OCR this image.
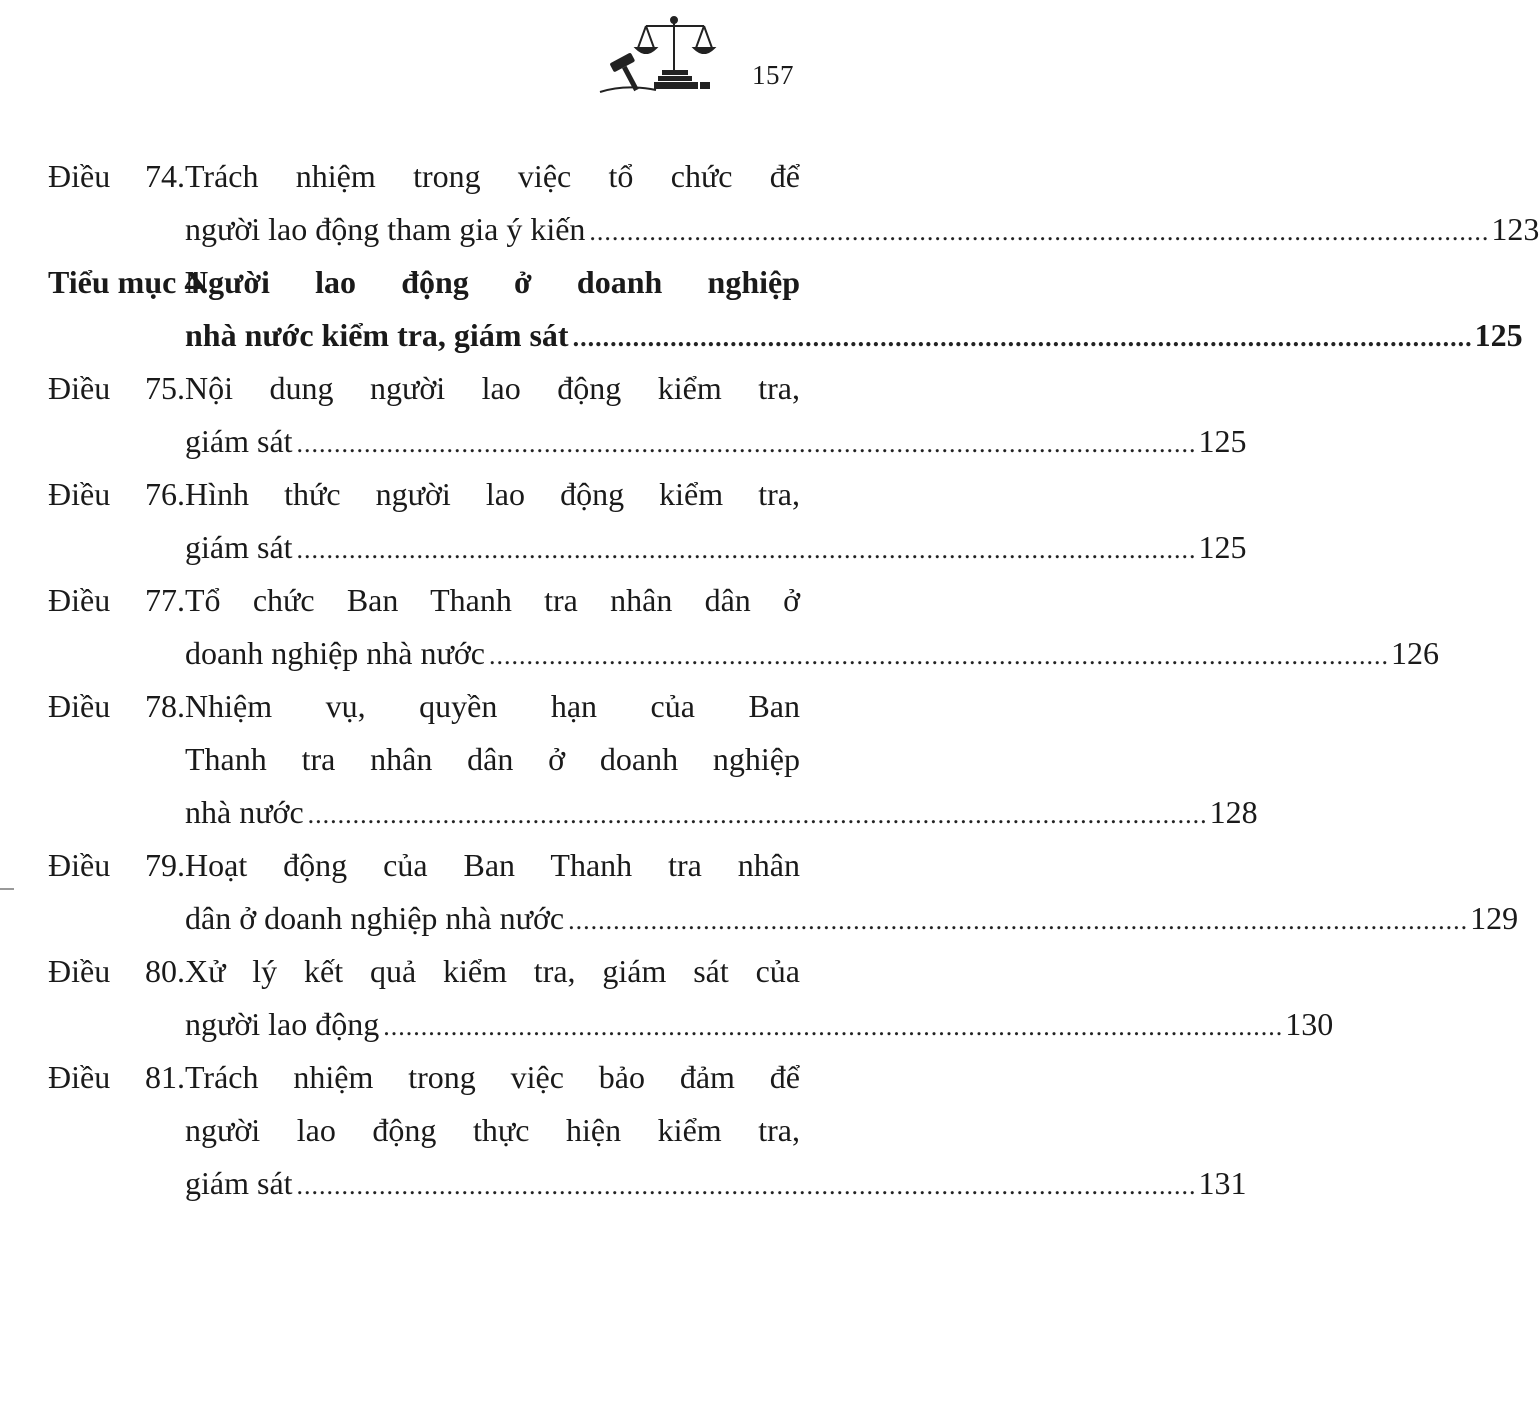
157
Điều 74. Trách nhiệm trong việc tổ chức để
người lao động tham gia ý kiến ........................................................................................................................ 123
Tiểu mục 4.
Người lao động ở doanh nghiệp
nhà nước kiểm tra, giám sát ........................................................................................................................ 125
Điều 75. Nội dung người lao động kiểm tra,
giám sát ........................................................................................................................ 125
Điều 76. Hình thức người lao động kiểm tra,
giám sát ........................................................................................................................ 125
Điều 77. Tổ chức Ban Thanh tra nhân dân ở
doanh nghiệp nhà nước ........................................................................................................................ 126
Điều 78. Nhiệm vụ, quyền hạn của Ban
Thanh tra nhân dân ở doanh nghiệp
nhà nước ........................................................................................................................ 128
Điều 79. Hoạt động của Ban Thanh tra nhân
dân ở doanh nghiệp nhà nước ........................................................................................................................ 129
Điều 80. Xử lý kết quả kiểm tra, giám sát của
người lao động ........................................................................................................................ 130
Điều 81. Trách nhiệm trong việc bảo đảm để
người lao động thực hiện kiểm tra,
giám sát ........................................................................................................................ 131
